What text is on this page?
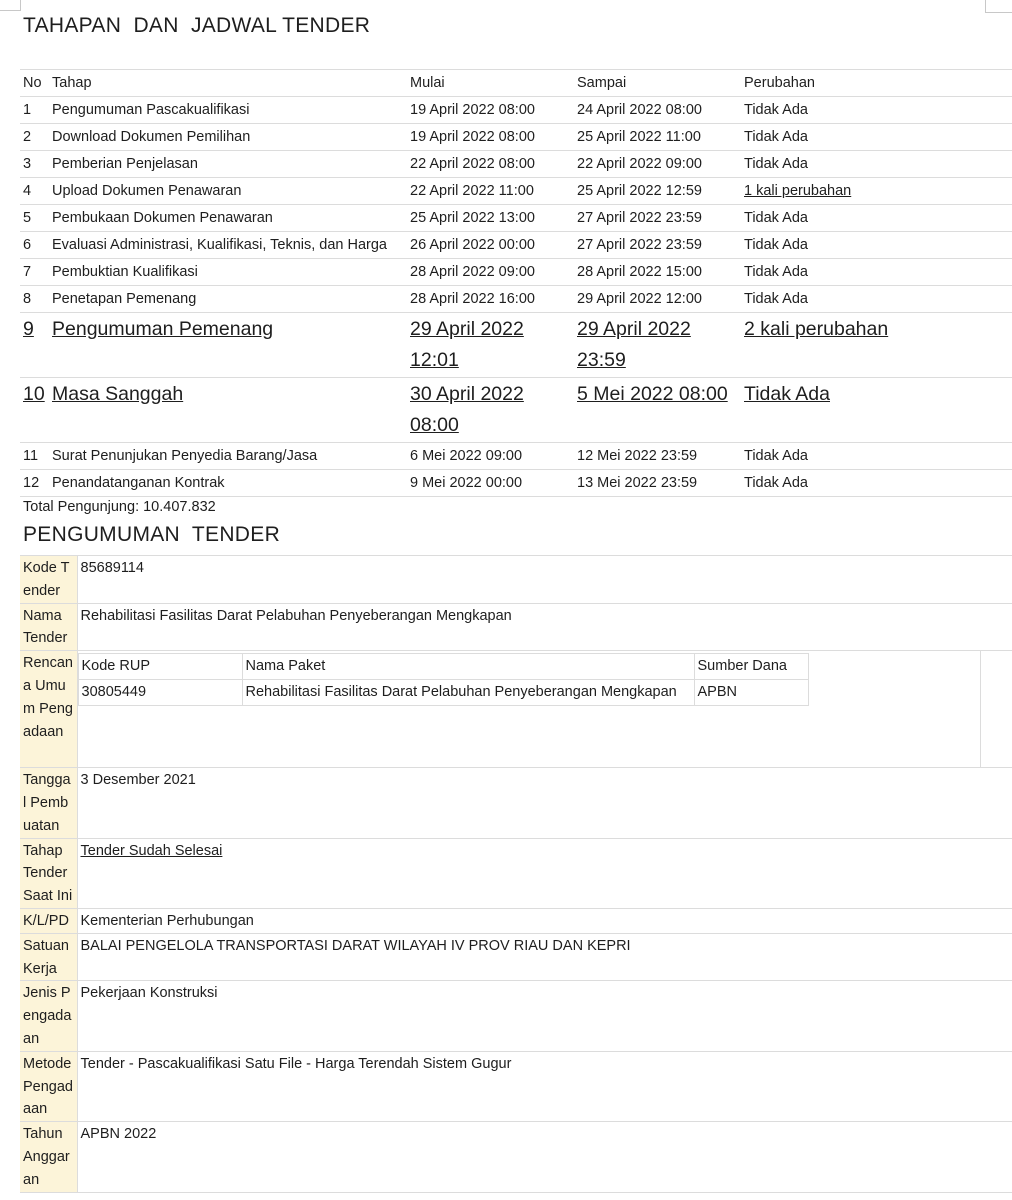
TAHAPAN  DAN  JADWAL TENDER
No	Tahap	Mulai	Sampai	Perubahan
1	Pengumuman Pascakualifikasi	19 April 2022 08:00	24 April 2022 08:00	Tidak Ada
2	Download Dokumen Pemilihan	19 April 2022 08:00	25 April 2022 11:00	Tidak Ada
3	Pemberian Penjelasan	22 April 2022 08:00	22 April 2022 09:00	Tidak Ada
4	Upload Dokumen Penawaran	22 April 2022 11:00	25 April 2022 12:59	1 kali perubahan
5	Pembukaan Dokumen Penawaran	25 April 2022 13:00	27 April 2022 23:59	Tidak Ada
6	Evaluasi Administrasi, Kualifikasi, Teknis, dan Harga	26 April 2022 00:00	27 April 2022 23:59	Tidak Ada
7	Pembuktian Kualifikasi	28 April 2022 09:00	28 April 2022 15:00	Tidak Ada
8	Penetapan Pemenang	28 April 2022 16:00	29 April 2022 12:00	Tidak Ada
9	Pengumuman Pemenang	29 April 2022 12:01	29 April 2022 23:59	2 kali perubahan
10	Masa Sanggah	30 April 2022 08:00	5 Mei 2022 08:00	Tidak Ada
11	Surat Penunjukan Penyedia Barang/Jasa	6 Mei 2022 09:00	12 Mei 2022 23:59	Tidak Ada
12	Penandatanganan Kontrak	9 Mei 2022 00:00	13 Mei 2022 23:59	Tidak Ada
Total Pengunjung: 10.407.832
PENGUMUMAN  TENDER
Kode Tender	85689114
Nama Tender	Rehabilitasi Fasilitas Darat Pelabuhan Penyeberangan Mengkapan
Rencana Umum Pengadaan	
Kode RUP	Nama Paket	Sumber Dana
30805449	Rehabilitasi Fasilitas Darat Pelabuhan Penyeberangan Mengkapan	APBN

Tanggal Pembuatan	3 Desember 2021
Tahap Tender Saat Ini	Tender Sudah Selesai
K/L/PD	Kementerian Perhubungan
Satuan Kerja	BALAI PENGELOLA TRANSPORTASI DARAT WILAYAH IV PROV RIAU DAN KEPRI
Jenis Pengadaan	Pekerjaan Konstruksi
Metode Pengadaan	Tender - Pascakualifikasi Satu File - Harga Terendah Sistem Gugur
Tahun Anggaran	APBN 2022
